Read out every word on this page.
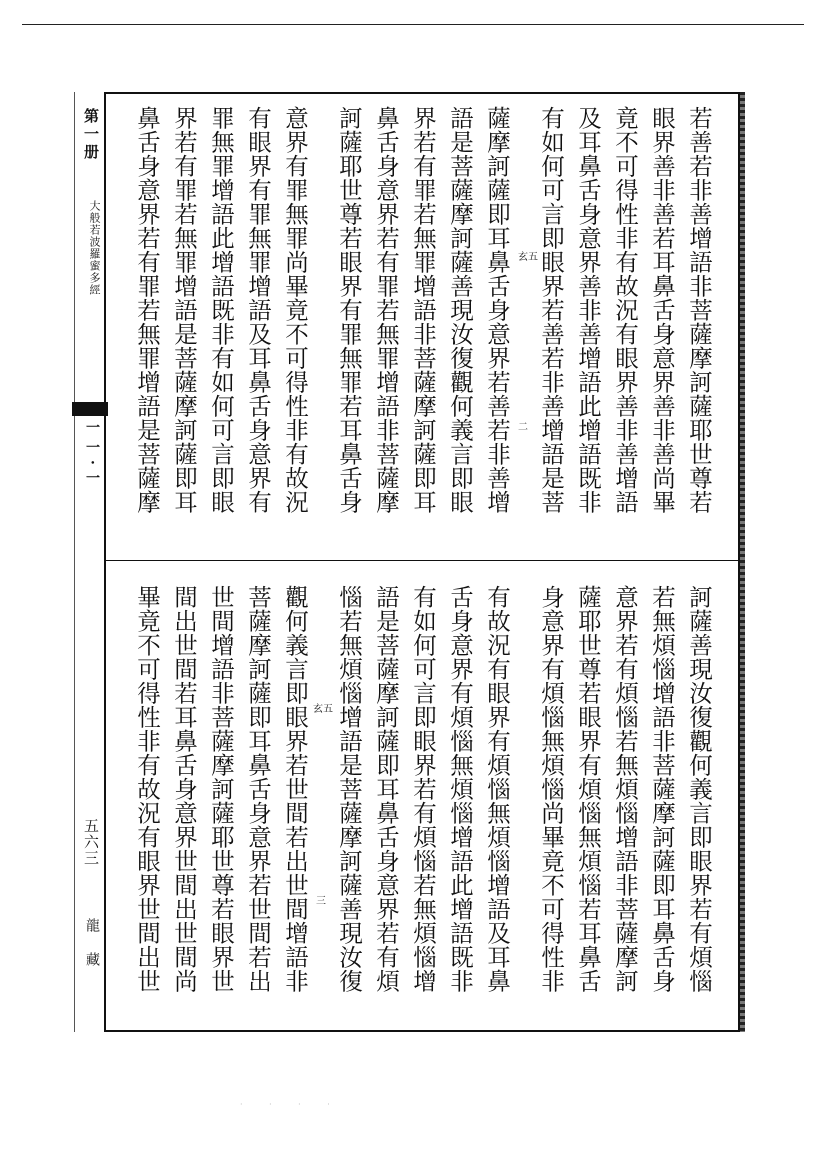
第一册
大般若波羅蜜多經
一一·一
五六三
龍藏
若善若非善增語非菩薩摩訶薩耶世尊若
眼界善非善若耳鼻舌身意界善非善尚畢
竟不可得性非有故況有眼界善非善增語
及耳鼻舌身意界善非善增語此增語既非
有如何可言即眼界若善若非善增語是菩
薩摩訶薩即耳鼻舌身意界若善若非善增
語是菩薩摩訶薩善現汝復觀何義言即眼
界若有罪若無罪增語非菩薩摩訶薩即耳
鼻舌身意界若有罪若無罪增語非菩薩摩
訶薩耶世尊若眼界有罪無罪若耳鼻舌身
意界有罪無罪尚畢竟不可得性非有故況
有眼界有罪無罪增語及耳鼻舌身意界有
罪無罪增語此增語既非有如何可言即眼
界若有罪若無罪增語是菩薩摩訶薩即耳
鼻舌身意界若有罪若無罪增語是菩薩摩	玄五
二
訶薩善現汝復觀何義言即眼界若有煩惱
若無煩惱增語非菩薩摩訶薩即耳鼻舌身
意界若有煩惱若無煩惱增語非菩薩摩訶
薩耶世尊若眼界有煩惱無煩惱若耳鼻舌
身意界有煩惱無煩惱尚畢竟不可得性非
有故況有眼界有煩惱無煩惱增語及耳鼻
舌身意界有煩惱無煩惱增語此增語既非
有如何可言即眼界若有煩惱若無煩惱增
語是菩薩摩訶薩即耳鼻舌身意界若有煩
惱若無煩惱增語是菩薩摩訶薩善現汝復
觀何義言即眼界若世間若出世間增語非
菩薩摩訶薩即耳鼻舌身意界若世間若出
世間增語非菩薩摩訶薩耶世尊若眼界世
間出世間若耳鼻舌身意界世間出世間尚
畢竟不可得性非有故況有眼界世間出世	玄五
三
· · · ·
